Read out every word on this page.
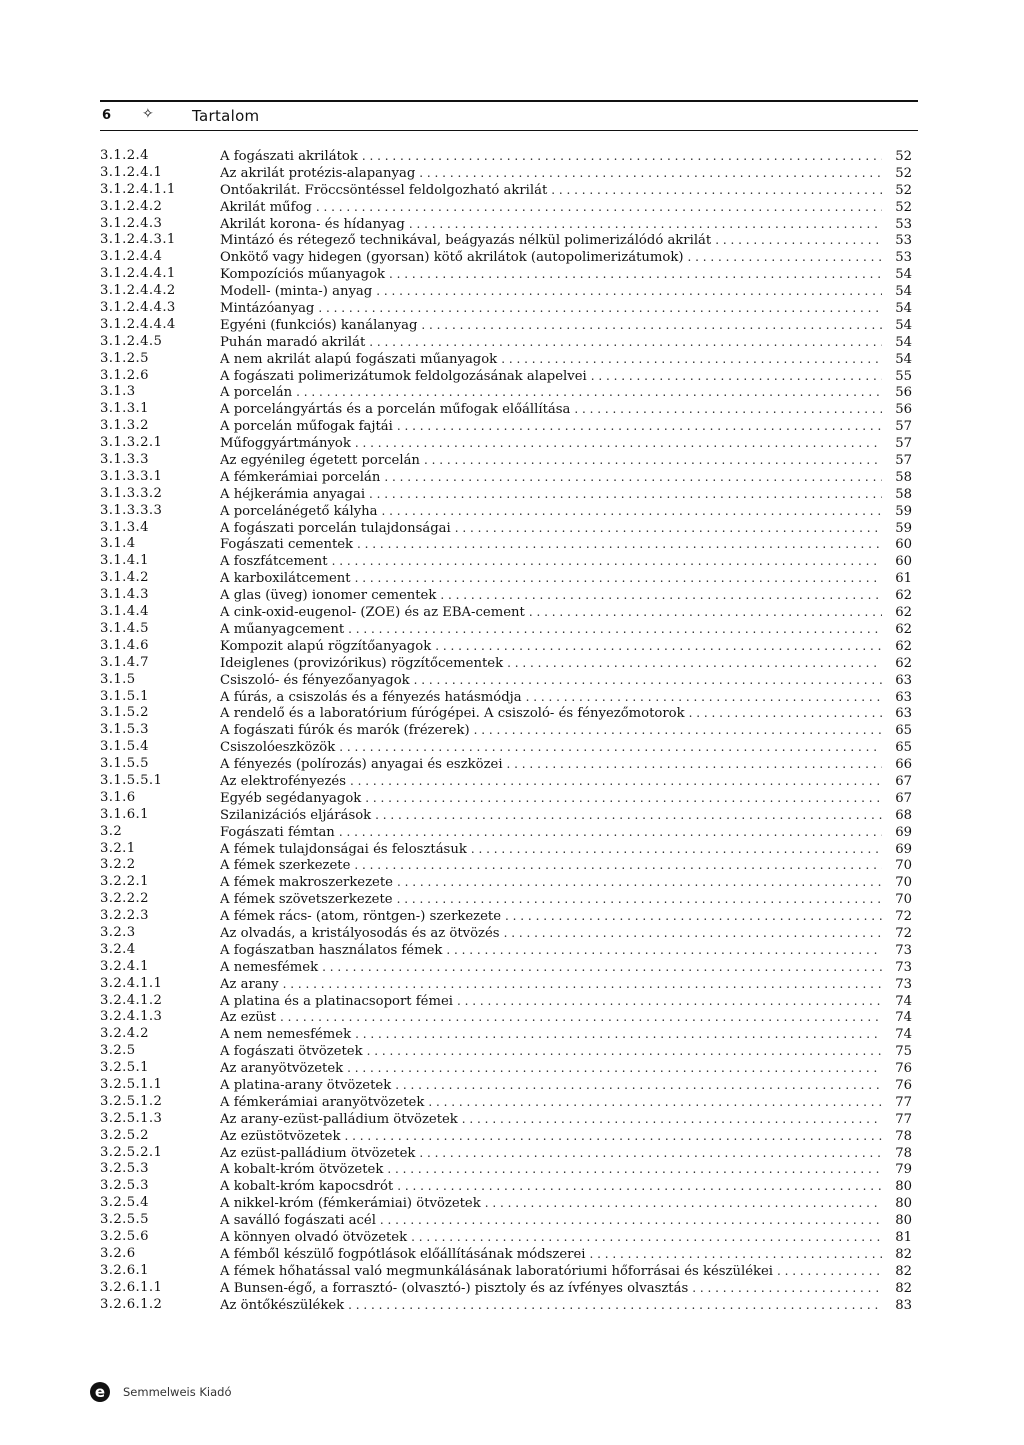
6 ✧	Tartalom
3.1.2.4	A fogászati akrilátok . . .	52
3.1.2.4.1	Az akrilát protézis-alapanyag . . .	52
3.1.2.4.1.1	Öntőakrilát. Fröccsöntéssel feldolgozható akrilát . . .	52
3.1.2.4.2	Akrilát műfog . . .	52
3.1.2.4.3	Akrilát korona- és hídanyag . . .	53
3.1.2.4.3.1	Mintázó és rétegező technikával, beágyazás nélkül polimerizálódó akrilát . . .	53
3.1.2.4.4	Önkötő vagy hidegen (gyorsan) kötő akrilátok (autopolimerizátumok) . . .	53
3.1.2.4.4.1	Kompozíciós műanyagok . . .	54
3.1.2.4.4.2	Modell- (minta-) anyag . . .	54
3.1.2.4.4.3	Mintázóanyag . . .	54
3.1.2.4.4.4	Egyéni (funkciós) kanálanyag . . .	54
3.1.2.4.5	Puhán maradó akrilát . . .	54
3.1.2.5	A nem akrilát alapú fogászati műanyagok . . .	54
3.1.2.6	A fogászati polimerizátumok feldolgozásának alapelvei . . .	55
3.1.3	A porcelán . . .	56
3.1.3.1	A porcelángyártás és a porcelán műfogak előállítása . . .	56
3.1.3.2	A porcelán műfogak fajtái . . .	57
3.1.3.2.1	Műfoggyártmányok . . .	57
3.1.3.3	Az egyénileg égetett porcelán . . .	57
3.1.3.3.1	A fémkerámiai porcelán . . .	58
3.1.3.3.2	A héjkerámia anyagai . . .	58
3.1.3.3.3	A porcelánégető kályha . . .	59
3.1.3.4	A fogászati porcelán tulajdonságai . . .	59
3.1.4	Fogászati cementek . . .	60
3.1.4.1	A foszfátcement . . .	60
3.1.4.2	A karboxilátcement . . .	61
3.1.4.3	A glas (üveg) ionomer cementek . . .	62
3.1.4.4	A cink-oxid-eugenol- (ZOE) és az EBA-cement . . .	62
3.1.4.5	A műanyagcement . . .	62
3.1.4.6	Kompozit alapú rögzítőanyagok . . .	62
3.1.4.7	Ideiglenes (provizórikus) rögzítőcementek . . .	62
3.1.5	Csiszoló- és fényezőanyagok . . .	63
3.1.5.1	A fúrás, a csiszolás és a fényezés hatásmódja . . .	63
3.1.5.2	A rendelő és a laboratórium fúrógépei. A csiszoló- és fényezőmotorok . . .	63
3.1.5.3	A fogászati fúrók és marók (frézerek) . . .	65
3.1.5.4	Csiszolóeszközök . . .	65
3.1.5.5	A fényezés (polírozás) anyagai és eszközei . . .	66
3.1.5.5.1	Az elektrofényezés . . .	67
3.1.6	Egyéb segédanyagok . . .	67
3.1.6.1	Szilanizációs eljárások . . .	68
3.2	Fogászati fémtan . . .	69
3.2.1	A fémek tulajdonságai és felosztásuk . . .	69
3.2.2	A fémek szerkezete . . .	70
3.2.2.1	A fémek makroszerkezete . . .	70
3.2.2.2	A fémek szövetszerkezete . . .	70
3.2.2.3	A fémek rács- (atom, röntgen-) szerkezete . . .	72
3.2.3	Az olvadás, a kristályosodás és az ötvözés . . .	72
3.2.4	A fogászatban használatos fémek . . .	73
3.2.4.1	A nemesfémek . . .	73
3.2.4.1.1	Az arany . . .	73
3.2.4.1.2	A platina és a platinacsoport fémei . . .	74
3.2.4.1.3	Az ezüst . . .	74
3.2.4.2	A nem nemesfémek . . .	74
3.2.5	A fogászati ötvözetek . . .	75
3.2.5.1	Az aranyötvözetek . . .	76
3.2.5.1.1	A platina-arany ötvözetek . . .	76
3.2.5.1.2	A fémkerámiai aranyötvözetek . . .	77
3.2.5.1.3	Az arany-ezüst-palládium ötvözetek . . .	77
3.2.5.2	Az ezüstötvözetek . . .	78
3.2.5.2.1	Az ezüst-palládium ötvözetek . . .	78
3.2.5.3	A kobalt-króm ötvözetek . . .	79
3.2.5.3	A kobalt-króm kapocsdrót . . .	80
3.2.5.4	A nikkel-króm (fémkerámiai) ötvözetek . . .	80
3.2.5.5	A saválló fogászati acél . . .	80
3.2.5.6	A könnyen olvadó ötvözetek . . .	81
3.2.6	A fémből készülő fogpótlások előállításának módszerei . . .	82
3.2.6.1	A fémek hőhatással való megmunkálásának laboratóriumi hőforrásai és készülékei . . .	82
3.2.6.1.1	A Bunsen-égő, a forrasztó- (olvasztó-) pisztoly és az ívfényes olvasztás . . .	82
3.2.6.1.2	Az öntőkészülékek . . .	83
e	Semmelweis Kiadó
